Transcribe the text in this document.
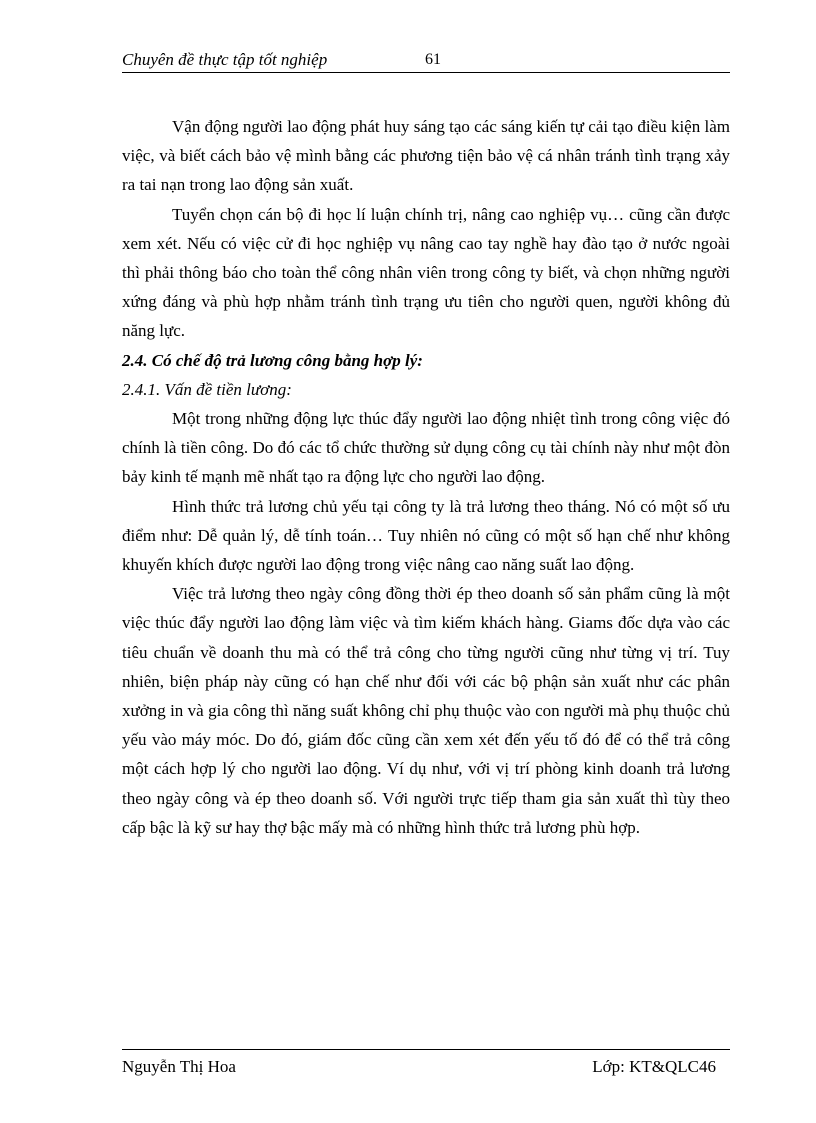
Chuyên đề thực tập tốt nghiệp	61

Vận động người lao động phát huy sáng tạo các sáng kiến tự cải tạo điều kiện làm việc, và biết cách bảo vệ mình bằng các phương tiện bảo vệ cá nhân tránh tình trạng xảy ra tai nạn trong lao động sản xuất.

Tuyển chọn cán bộ đi học lí luận chính trị, nâng cao nghiệp vụ… cũng cần được xem xét. Nếu có việc cử đi học nghiệp vụ nâng cao tay nghề hay đào tạo ở nước ngoài thì phải thông báo cho toàn thể công nhân viên trong công ty biết, và chọn những người xứng đáng và phù hợp nhằm tránh tình trạng ưu tiên cho người quen, người không đủ năng lực.

2.4. Có chế độ trả lương công bằng hợp lý:

2.4.1. Vấn đề tiền lương:

Một trong những động lực thúc đẩy người lao động nhiệt tình trong công việc đó chính là tiền công. Do đó các tổ chức thường sử dụng công cụ tài chính này như một đòn bảy kinh tế mạnh mẽ nhất tạo ra động lực cho người lao động.

Hình thức trả lương chủ yếu tại công ty là trả lương theo tháng. Nó có một số ưu điểm như: Dễ quản lý, dễ tính toán… Tuy nhiên nó cũng có một số hạn chế như không khuyến khích được người lao động trong việc nâng cao năng suất lao động.

Việc trả lương theo ngày công đồng thời ép theo doanh số sản phẩm cũng là một việc thúc đẩy người lao động làm việc và tìm kiếm khách hàng. Giams đốc dựa vào các tiêu chuẩn về doanh thu mà có thể trả công cho từng người cũng như từng vị trí. Tuy nhiên, biện pháp này cũng có hạn chế như đối với các bộ phận sản xuất như các phân xưởng in và gia công thì năng suất không chỉ phụ thuộc vào con người mà phụ thuộc chủ yếu vào máy móc. Do đó, giám đốc cũng cần xem xét đến yếu tố đó để có thể trả công một cách hợp lý cho người lao động. Ví dụ như, với vị trí phòng kinh doanh trả lương theo ngày công và ép theo doanh số. Với người trực tiếp tham gia sản xuất thì tùy theo cấp bậc là kỹ sư hay thợ bậc mấy mà có những hình thức trả lương phù hợp.

Nguyễn Thị Hoa	Lớp: KT&QLC46
